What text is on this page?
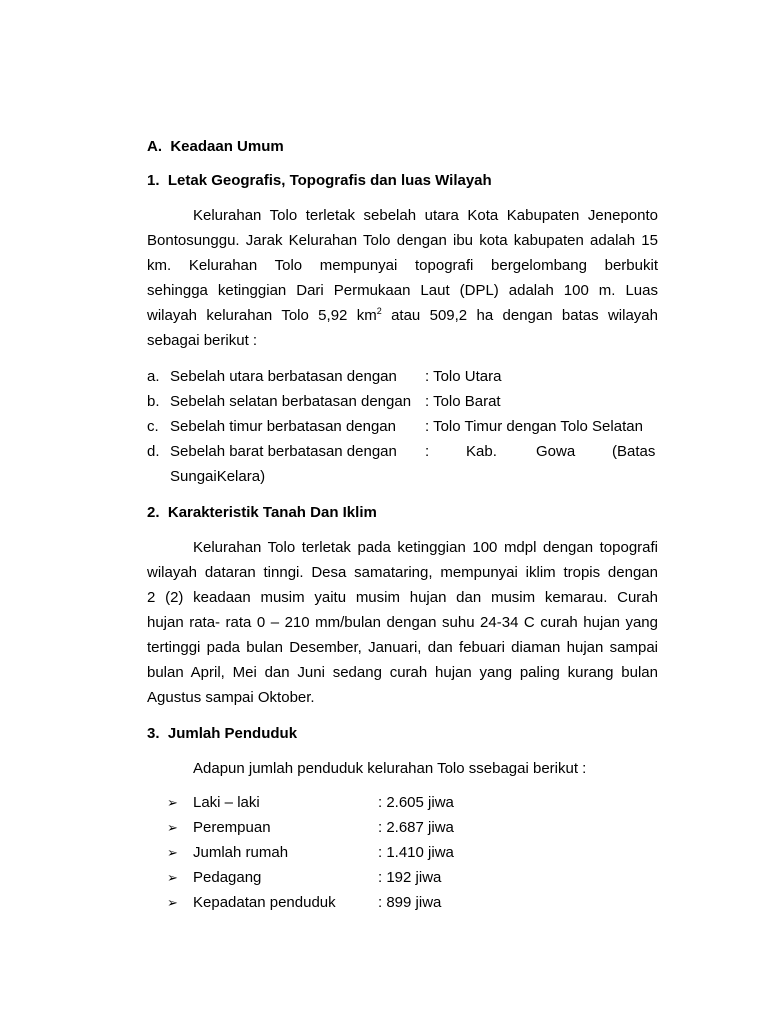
A. Keadaan Umum
1. Letak Geografis, Topografis dan luas Wilayah
Kelurahan Tolo terletak sebelah utara Kota Kabupaten Jeneponto
Bontosunggu. Jarak Kelurahan Tolo dengan ibu kota kabupaten adalah 15
km. Kelurahan Tolo mempunyai topografi bergelombang berbukit
sehingga ketinggian Dari Permukaan Laut (DPL) adalah 100 m. Luas
wilayah kelurahan Tolo 5,92 $km^2$ atau 509,2 ha dengan batas wilayah
sebagai berikut :
a. Sebelah utara berbatasan dengan : Tolo Utara
b. Sebelah selatan berbatasan dengan : Tolo Barat
c. Sebelah timur berbatasan dengan : Tolo Timur dengan Tolo Selatan
d. Sebelah barat berbatasan dengan : Kab.	Gowa (Batas
SungaiKelara)
2. Karakteristik Tanah Dan Iklim
Kelurahan Tolo terletak pada ketinggian 100 mdpl dengan topografi
wilayah dataran tinngi. Desa samataring, mempunyai iklim tropis dengan
2 (2) keadaan musim yaitu musim hujan dan musim kemarau. Curah
hujan rata- rata 0 – 210 mm/bulan dengan suhu 24-34 C curah hujan yang
tertinggi pada bulan Desember, Januari, dan febuari diaman hujan sampai
bulan April, Mei dan Juni sedang curah hujan yang paling kurang bulan
Agustus sampai Oktober.
3. Jumlah Penduduk
Adapun jumlah penduduk kelurahan Tolo ssebagai berikut :
➢ Laki – laki	: 2.605 jiwa
➢ Perempuan	: 2.687 jiwa
➢ Jumlah rumah	: 1.410 jiwa
➢ Pedagang	: 192 jiwa
➢ Kepadatan penduduk	: 899 jiwa
